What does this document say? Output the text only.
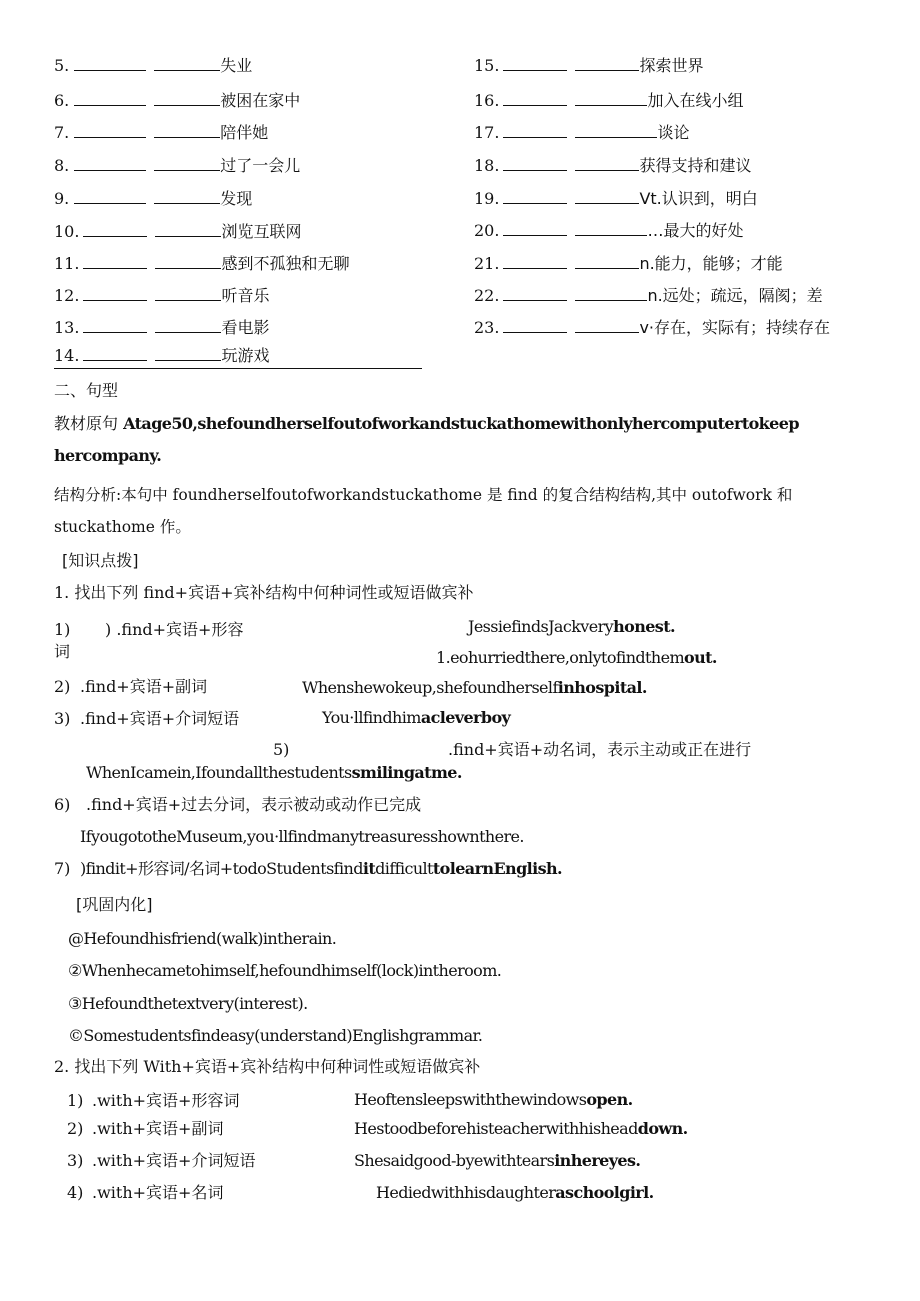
5.	失业
6.	被困在家中
7.	陪伴她
8.	过了一会儿
9.	发现
10.	浏览互联网
11.	感到不孤独和无聊
12.	听音乐
13.	看电影
14.	玩游戏
15.	探索世界
16.	加入在线小组
17.	谈论
18.	获得支持和建议
19.	Vt.认识到，明白
20.	…最大的好处
21.	n.能力，能够；才能
22.	n.远处；疏远，隔阂；差
23.	v·存在，实际有；持续存在
二、句型
教材原句 Atage50,shefoundherselfoutofworkandstuckathomewithonlyhercomputertokeep
hercompany.
结构分析:本句中 foundherselfoutofworkandstuckathome 是 find 的复合结构结构,其中 outofwork 和
stuckathome 作。
[知识点拨]
1. 找出下列 find+宾语+宾补结构中何种词性或短语做宾补
1) ) .find+宾语+形容
词
JessiefindsJackveryhonest.
1.eohurriedthere,onlytofindthemout.
2) .find+宾语+副词	Whenshewokeup,shefoundherselfinhospital.
3) .find+宾语+介词短语	You·llfindhimacleverboy
5)	.find+宾语+动名词，表示主动或正在进行
WhenIcamein,Ifoundallthestudentssmilingatme.
6) .find+宾语+过去分词，表示被动或动作已完成
IfyougototheMuseum,you·llfindmanytreasuresshownthere.
7) )findit+形容词/名词+todoStudentsfinditdifficulttolearnEnglish.
[巩固内化]
@Hefoundhisfriend(walk)intherain.
②Whenhecametohimself,hefoundhimself(lock)intheroom.
③Hefoundthetextvery(interest).
©Somestudentsfindeasy(understand)Englishgrammar.
2. 找出下列 With+宾语+宾补结构中何种词性或短语做宾补
1) .with+宾语+形容词	Heoftensleepswiththewindowsopen.
2) .with+宾语+副词	Hestoodbeforehisteacherwithhisheaddown.
3) .with+宾语+介词短语	Shesaidgood-byewithtearsinhereyes.
4) .with+宾语+名词	Hediedwithhisdaughteraschoolgirl.
